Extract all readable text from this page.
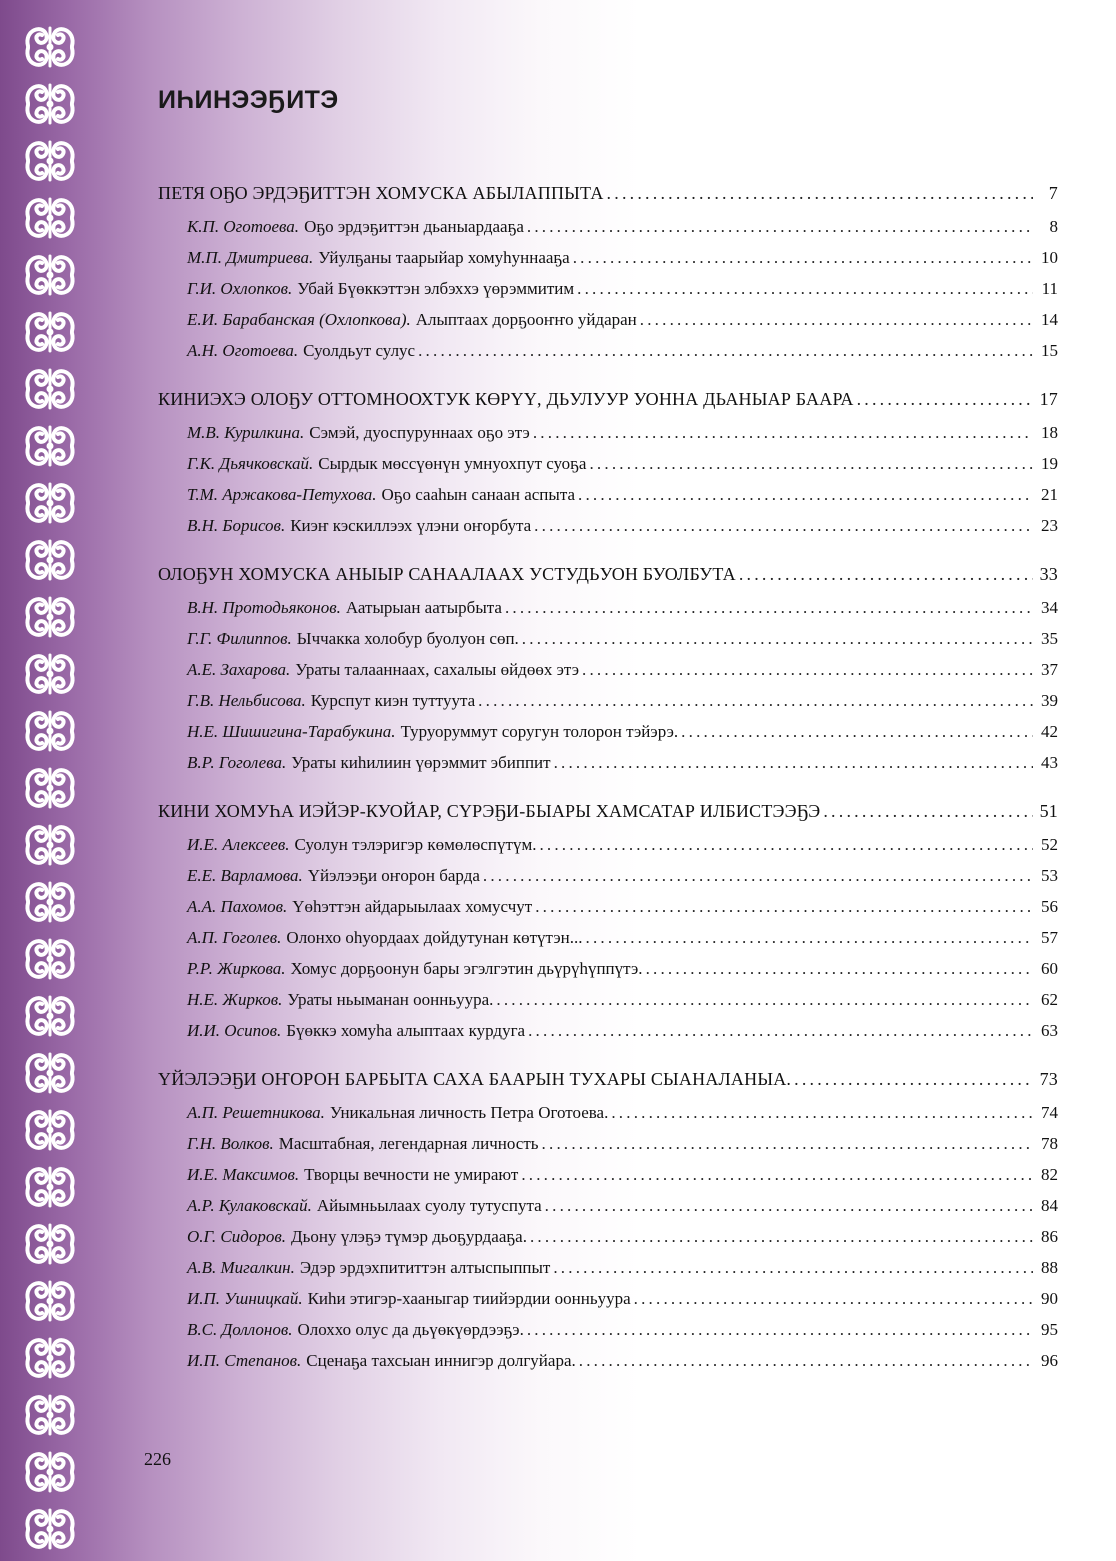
ИҺИНЭЭҔИТЭ
ПЕТЯ ОҔО ЭРДЭҔИТТЭН ХОМУСКА АБЫЛАППЫТА .....	7
К.П. Оготоева. Оҕо эрдэҕиттэн дьаныардааҕа .....	8
М.П. Дмитриева. Уйулҕаны таарыйар хомуһуннааҕа .....	10
Г.И. Охлопков. Убай Бүөккэттэн элбэххэ үөрэммитим .....	11
Е.И. Барабанская (Охлопкова). Алыптаах дорҕооҥҥо уйдаран .....	14
А.Н. Оготоева. Суолдьут сулус .....	15
КИНИЭХЭ ОЛОҔУ ОТТОМНООХТУК КӨРҮҮ, ДЬУЛУУР УОННА ДЬАНЫАР БААРА .....	17
М.В. Курилкина. Сэмэй, дуоспуруннаах оҕо этэ .....	18
Г.К. Дьячковскай. Сырдык мөссүөнүн умнуохпут суоҕа .....	19
Т.М. Аржакова-Петухова. Оҕо сааһын санаан аспыта .....	21
В.Н. Борисов. Киэҥ кэскиллээх үлэни оҥорбута .....	23
ОЛОҔУН ХОМУСКА АНЫЫР САНААЛААХ УСТУДЬУОН БУОЛБУТА .....	33
В.Н. Протодьяконов. Аатырыан аатырбыта .....	34
Г.Г. Филиппов. Ыччакка холобур буолуон сөп. .....	35
А.Е. Захарова. Ураты талааннаах, сахалыы өйдөөх этэ .....	37
Г.В. Нельбисова. Курспут киэн туттуута .....	39
Н.Е. Шишигина-Тарабукина. Туруоруммут соругун толорон тэйэрэ. .....	42
В.Р. Гоголева. Ураты киһилиин үөрэммит эбиппит .....	43
КИНИ ХОМУҺА ИЭЙЭР-КУОЙАР, СҮРЭҔИ-БЫАРЫ ХАМСАТАР ИЛБИСТЭЭҔЭ .....	51
И.Е. Алексеев. Суолун тэлэригэр көмөлөспүтүм. .....	52
Е.Е. Варламова. Үйэлээҕи оҥорон барда .....	53
А.А. Пахомов. Үөһэттэн айдарыылаах хомусчут .....	56
А.П. Гоголев. Олонхо оһуордаах дойдутунан көтүтэн... .....	57
Р.Р. Жиркова. Хомус дорҕоонун бары эгэлгэтин дьүрүһүппүтэ. .....	60
Н.Е. Жирков. Ураты ньыманан оонньуура. .....	62
И.И. Осипов. Бүөккэ хомуһа алыптаах курдуга .....	63
ҮЙЭЛЭЭҔИ ОҤОРОН БАРБЫТА САХА БААРЫН ТУХАРЫ СЫАНАЛАНЫА. .....	73
А.П. Решетникова. Уникальная личность Петра Оготоева. .....	74
Г.Н. Волков. Масштабная, легендарная личность .....	78
И.Е. Максимов. Творцы вечности не умирают .....	82
А.Р. Кулаковскай. Айымньылаах суолу тутуспута .....	84
О.Г. Сидоров. Дьону үлэҕэ түмэр дьоҕурдааҕа. .....	86
А.В. Мигалкин. Эдэр эрдэхпититтэн алтыспыппыт .....	88
И.П. Ушницкай. Киһи этигэр-хааныгар тиийэрдии оонньуура .....	90
В.С. Доллонов. Олоххо олус да дьүөкүөрдээҕэ. .....	95
И.П. Степанов. Сценаҕа тахсыан иннигэр долгуйара. .....	96
226
